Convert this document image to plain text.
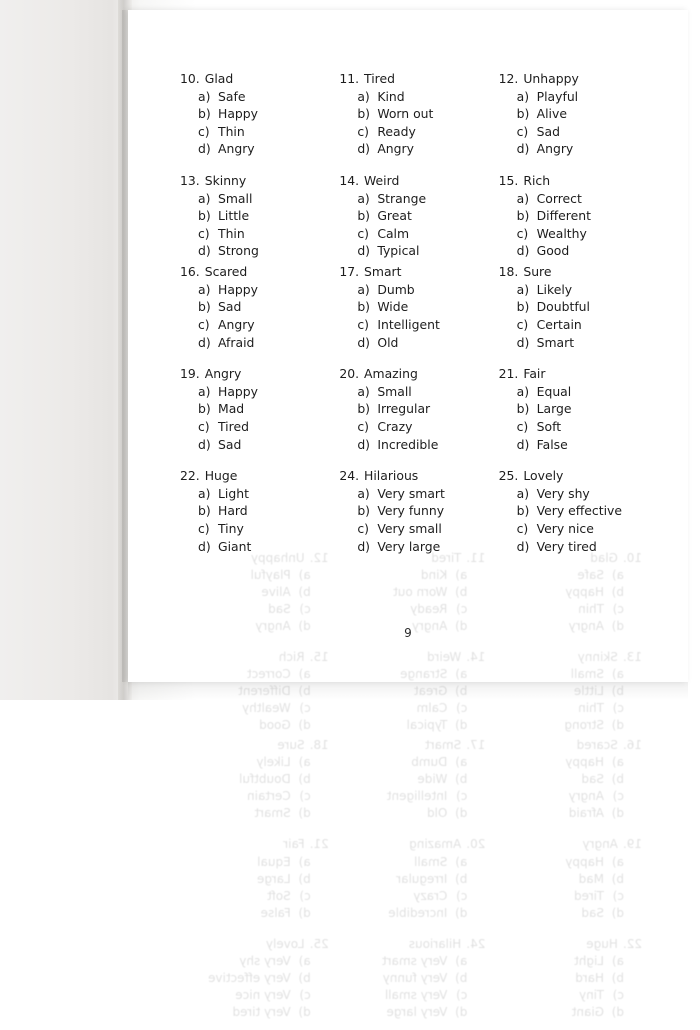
10. Glad
a) Safe
b) Happy
c) Thin
d) Angry
13. Skinny
a) Small
b) Little
c) Thin
d) Strong
16. Scared
a) Happy
b) Sad
c) Angry
d) Afraid
19. Angry
a) Happy
b) Mad
c) Tired
d) Sad
22. Huge
a) Light
b) Hard
c) Tiny
d) Giant
11. Tired
a) Kind
b) Worn out
c) Ready
d) Angry
14. Weird
a) Strange
b) Great
c) Calm
d) Typical
17. Smart
a) Dumb
b) Wide
c) Intelligent
d) Old
20. Amazing
a) Small
b) Irregular
c) Crazy
d) Incredible
24. Hilarious
a) Very smart
b) Very funny
c) Very small
d) Very large
12. Unhappy
a) Playful
b) Alive
c) Sad
d) Angry
15. Rich
a) Correct
b) Different
c) Wealthy
d) Good
18. Sure
a) Likely
b) Doubtful
c) Certain
d) Smart
21. Fair
a) Equal
b) Large
c) Soft
d) False
25. Lovely
a) Very shy
b) Very effective
c) Very nice
d) Very tired
10.Glad
a)
Safe
b)
Happy
c)
Thin
d)
Angry
13.Skinny
a)
Small
c)
Thin
d)
Strong
16.Scared
a)
Happy
b)
Sad
c)
Angry
d)
Afraid
19.Angry
a)
Happy
b)
Mad
c)
Tired
d)
Sad
22.Huge
a)
Light
b)
Hard
c)
Tiny
d)
Giant
11.Tired
a)
Kind
b)
Worn out
c)
Ready
d)
Angry
14.Weird
a)
Strange
c)
Calm
d)
Typical
17.Smart
a)
Dumb
b)
Wide
c)
Intelligent
d)
Old
20.Amazing
a)
Small
b)
Irregular
c)
Crazy
d)
Incredible
24.Hilarious
a)
Very smart
b)
Very funny
c)
Very small
d)
Very large
12.Unhappy
a)
Playful
b)
Alive
c)
Sad
d)
Angry
15.Rich
a)
Correct
c)
Wealthy
d)
Good
18.Sure
a)
Likely
b)
Doubtful
c)
Certain
d)
Smart
21.Fair
a)
Equal
b)
Large
c)
Soft
d)
False
25.Lovely
a)
Very shy
b)
Very effective
c)
Very nice
d)
Very tired
9
